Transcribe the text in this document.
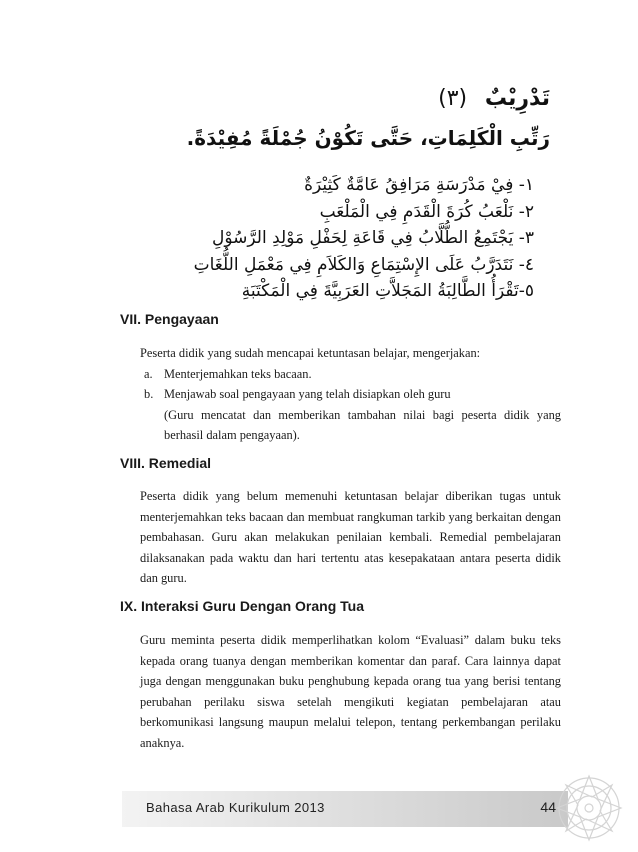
تَدْرِيْبٌ (٣)
رَتِّبِ الْكَلِمَاتِ، حَتَّى تَكُوْنُ جُمْلَةً مُفِيْدَةً.
١- فِيْ مَدْرَسَةِ مَرَافِقُ عَامَّةٌ كَثِيْرَةٌ
٢- نَلْعَبُ كُرَةَ الْقَدَمِ فِي الْمَلْعَبِ
٣- يَجْتَمِعُ الطُّلَّابُ فِي قَاعَةِ لِحَفْلِ مَوْلِدِ الرَّسُوْلِ
٤- نَتَدَرَّبُ عَلَى الإِسْتِمَاعِ وَالكَلاَمِ فِي مَعْمَلِ اللُّغَاتِ
٥-تَقْرَأُ الطَّالِبَةُ المَجَلاَّتِ العَرَبِيَّةَ فِي الْمَكْتَبَةِ
VII. Pengayaan

Peserta didik yang sudah mencapai ketuntasan belajar, mengerjakan:

a. Menterjemahkan teks bacaan.
b. Menjawab soal pengayaan yang telah disiapkan oleh guru

(Guru mencatat dan memberikan tambahan nilai bagi peserta didik yang berhasil dalam pengayaan).

VIII. Remedial
Peserta didik yang belum memenuhi ketuntasan belajar diberikan tugas untuk menterjemahkan teks bacaan dan membuat rangkuman tarkib yang berkaitan dengan pembahasan. Guru akan melakukan penilaian kembali. Remedial pembelajaran dilaksanakan pada waktu dan hari tertentu atas kesepakataan antara peserta didik dan guru.
IX. Interaksi Guru Dengan Orang Tua
Guru meminta peserta didik memperlihatkan kolom “Evaluasi” dalam buku teks kepada orang tuanya dengan memberikan komentar dan paraf. Cara lainnya dapat juga dengan menggunakan buku penghubung kepada orang tua yang berisi tentang perubahan perilaku siswa setelah mengikuti kegiatan pembelajaran atau berkomunikasi langsung maupun melalui telepon, tentang perkembangan perilaku anaknya.
Bahasa Arab Kurikulum 2013	44
